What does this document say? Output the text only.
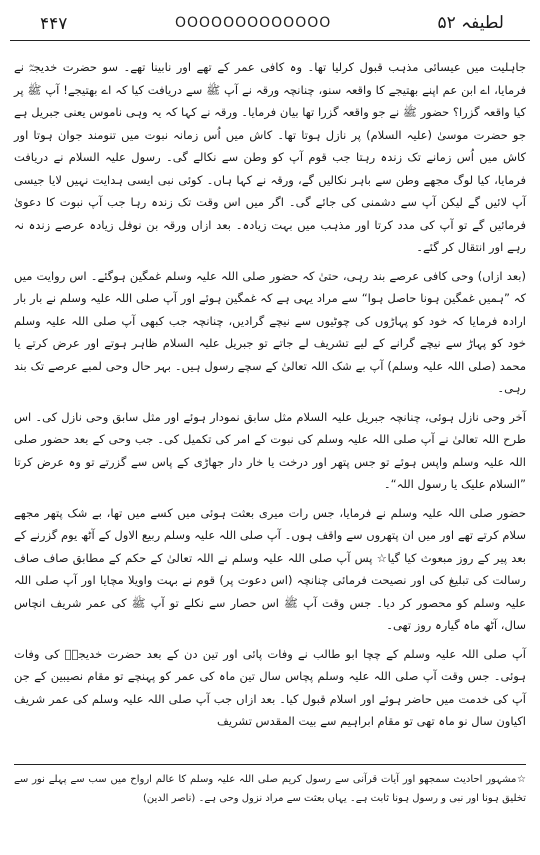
۴۴۷	OOOOOOOOOOOOO	لطیفہ ۵۲

جاہلیت میں عیسائی مذہب قبول کرلیا تھا۔ وہ کافی عمر کے تھے اور نابینا تھے۔ سو حضرت خدیجہؓ نے فرمایا، اے ابن عم اپنے بھتیجے کا واقعہ سنو، چنانچہ ورقہ نے آپ ﷺ سے دریافت کیا کہ اے بھتیجے! آپ ﷺ پر کیا واقعہ گزرا؟ حضور ﷺ نے جو واقعہ گزرا تھا بیان فرمایا۔ ورقہ نے کہا کہ یہ وہی ناموس یعنی جبریل ہے جو حضرت موسیٰ (علیہ السلام) پر نازل ہوتا تھا۔ کاش میں اُس زمانہ نبوت میں تنومند جوان ہوتا اور کاش میں اُس زمانے تک زندہ رہتا جب قوم آپ کو وطن سے نکالے گی۔ رسول علیہ السلام نے دریافت فرمایا، کیا لوگ مجھے وطن سے باہر نکالیں گے، ورقہ نے کہا ہاں۔ کوئی نبی ایسی ہدایت نہیں لایا جیسی آپ لائیں گے لیکن آپ سے دشمنی کی جائے گی۔ اگر میں اس وقت تک زندہ رہا جب آپ نبوت کا دعویٰ فرمائیں گے تو آپ کی مدد کرتا اور مذہب میں بہت زیادہ۔ بعد ازاں ورقہ بن نوفل زیادہ عرصے زندہ نہ رہے اور انتقال کر گئے۔

(بعد ازاں) وحی کافی عرصے بند رہی، حتیٰ کہ حضور صلی اللہ علیہ وسلم غمگین ہوگئے۔ اس روایت میں کہ ”ہمیں غمگین ہونا حاصل ہوا“ سے مراد یہی ہے کہ غمگین ہوئے اور آپ صلی اللہ علیہ وسلم نے بار بار ارادہ فرمایا کہ خود کو پہاڑوں کی چوٹیوں سے نیچے گرادیں، چنانچہ جب کبھی آپ صلی اللہ علیہ وسلم خود کو پہاڑ سے نیچے گرانے کے لیے تشریف لے جاتے تو جبریل علیہ السلام ظاہر ہوتے اور عرض کرتے یا محمد (صلی اللہ علیہ وسلم) آپ بے شک اللہ تعالیٰ کے سچے رسول ہیں۔ بہر حال وحی لمبے عرصے تک بند رہی۔

آخر وحی نازل ہوئی، چنانچہ جبریل علیہ السلام مثل سابق نمودار ہوئے اور مثل سابق وحی نازل کی۔ اس طرح اللہ تعالیٰ نے آپ صلی اللہ علیہ وسلم کی نبوت کے امر کی تکمیل کی۔ جب وحی کے بعد حضور صلی اللہ علیہ وسلم واپس ہوئے تو جس پتھر اور درخت یا خار دار جھاڑی کے پاس سے گزرتے تو وہ عرض کرتا ”السلام علیک یا رسول اللہ“۔

حضور صلی اللہ علیہ وسلم نے فرمایا، جس رات میری بعثت ہوئی میں کسے میں تھا، بے شک پتھر مجھے سلام کرتے تھے اور میں ان پتھروں سے واقف ہوں۔ آپ صلی اللہ علیہ وسلم ربیع الاول کے آٹھ یوم گزرنے کے بعد پیر کے روز مبعوث کیا گیا☆ پس آپ صلی اللہ علیہ وسلم نے اللہ تعالیٰ کے حکم کے مطابق صاف صاف رسالت کی تبلیغ کی اور نصیحت فرمائی چنانچہ (اس دعوت پر) قوم نے بہت واویلا مچایا اور آپ صلی اللہ علیہ وسلم کو محصور کر دیا۔ جس وقت آپ ﷺ اس حصار سے نکلے تو آپ ﷺ کی عمر شریف انچاس سال، آٹھ ماہ گیارہ روز تھی۔

آپ صلی اللہ علیہ وسلم کے چچا ابو طالب نے وفات پائی اور تین دن کے بعد حضرت خدیجہؓ کی وفات ہوئی۔ جس وقت آپ صلی اللہ علیہ وسلم پچاس سال تین ماہ کی عمر کو پہنچے تو مقام نصیبین کے جن آپ کی خدمت میں حاضر ہوئے اور اسلام قبول کیا۔ بعد ازاں جب آپ صلی اللہ علیہ وسلم کی عمر شریف اکیاون سال نو ماہ تھی تو مقام ابراہیم سے بیت المقدس تشریف

☆مشہور احادیث سمجھو اور آیات قرآنی سے رسول کریم صلی اللہ علیہ وسلم کا عالم ارواح میں سب سے پہلے نور سے تخلیق ہونا اور نبی و رسول ہونا ثابت ہے۔ یہاں بعثت سے مراد نزول وحی ہے۔ (ناصر الدین)
